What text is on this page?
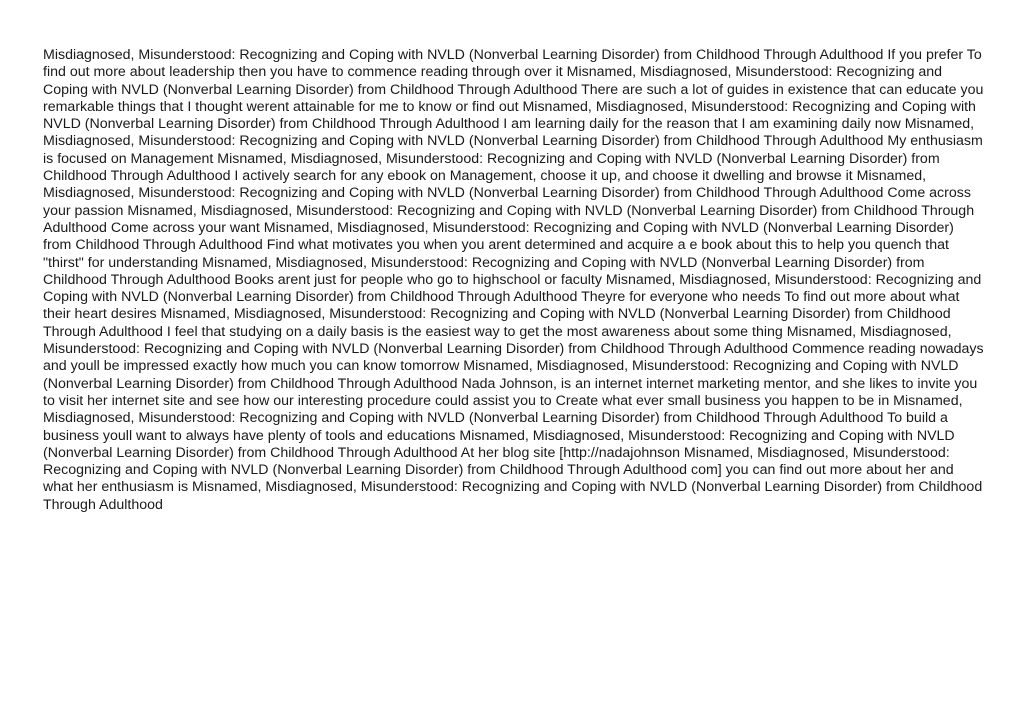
Misdiagnosed, Misunderstood: Recognizing and Coping with NVLD (Nonverbal Learning Disorder) from Childhood Through Adulthood If you prefer To find out more about leadership then you have to commence reading through over it Misnamed, Misdiagnosed, Misunderstood: Recognizing and Coping with NVLD (Nonverbal Learning Disorder) from Childhood Through Adulthood There are such a lot of guides in existence that can educate you remarkable things that I thought werent attainable for me to know or find out Misnamed, Misdiagnosed, Misunderstood: Recognizing and Coping with NVLD (Nonverbal Learning Disorder) from Childhood Through Adulthood I am learning daily for the reason that I am examining daily now Misnamed, Misdiagnosed, Misunderstood: Recognizing and Coping with NVLD (Nonverbal Learning Disorder) from Childhood Through Adulthood My enthusiasm is focused on Management Misnamed, Misdiagnosed, Misunderstood: Recognizing and Coping with NVLD (Nonverbal Learning Disorder) from Childhood Through Adulthood I actively search for any ebook on Management, choose it up, and choose it dwelling and browse it Misnamed, Misdiagnosed, Misunderstood: Recognizing and Coping with NVLD (Nonverbal Learning Disorder) from Childhood Through Adulthood Come across your passion Misnamed, Misdiagnosed, Misunderstood: Recognizing and Coping with NVLD (Nonverbal Learning Disorder) from Childhood Through Adulthood Come across your want Misnamed, Misdiagnosed, Misunderstood: Recognizing and Coping with NVLD (Nonverbal Learning Disorder) from Childhood Through Adulthood Find what motivates you when you arent determined and acquire a e book about this to help you quench that "thirst" for understanding Misnamed, Misdiagnosed, Misunderstood: Recognizing and Coping with NVLD (Nonverbal Learning Disorder) from Childhood Through Adulthood Books arent just for people who go to highschool or faculty Misnamed, Misdiagnosed, Misunderstood: Recognizing and Coping with NVLD (Nonverbal Learning Disorder) from Childhood Through Adulthood Theyre for everyone who needs To find out more about what their heart desires Misnamed, Misdiagnosed, Misunderstood: Recognizing and Coping with NVLD (Nonverbal Learning Disorder) from Childhood Through Adulthood I feel that studying on a daily basis is the easiest way to get the most awareness about some thing Misnamed, Misdiagnosed, Misunderstood: Recognizing and Coping with NVLD (Nonverbal Learning Disorder) from Childhood Through Adulthood Commence reading nowadays and youll be impressed exactly how much you can know tomorrow Misnamed, Misdiagnosed, Misunderstood: Recognizing and Coping with NVLD (Nonverbal Learning Disorder) from Childhood Through Adulthood Nada Johnson, is an internet internet marketing mentor, and she likes to invite you to visit her internet site and see how our interesting procedure could assist you to Create what ever small business you happen to be in Misnamed, Misdiagnosed, Misunderstood: Recognizing and Coping with NVLD (Nonverbal Learning Disorder) from Childhood Through Adulthood To build a business youll want to always have plenty of tools and educations Misnamed, Misdiagnosed, Misunderstood: Recognizing and Coping with NVLD (Nonverbal Learning Disorder) from Childhood Through Adulthood At her blog site [http://nadajohnson Misnamed, Misdiagnosed, Misunderstood: Recognizing and Coping with NVLD (Nonverbal Learning Disorder) from Childhood Through Adulthood com] you can find out more about her and what her enthusiasm is Misnamed, Misdiagnosed, Misunderstood: Recognizing and Coping with NVLD (Nonverbal Learning Disorder) from Childhood Through Adulthood
